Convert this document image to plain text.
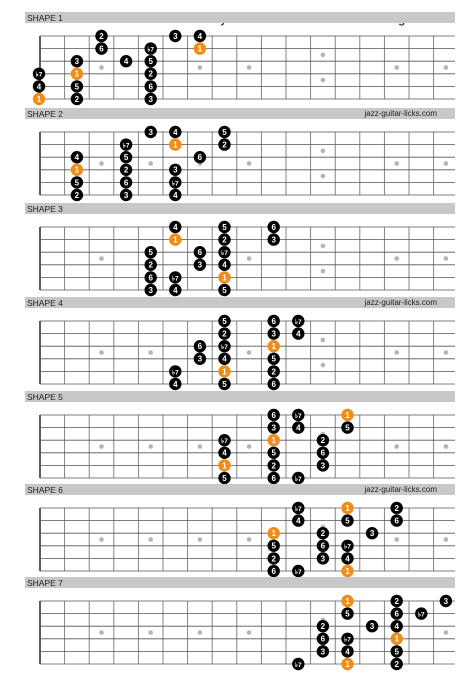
2	3	4
6	♭7	1
3	4	5
♭7	1	2
4	5	6
1	2	3
SHAPE 1
3	4	5
♭7	1	2
4	5	6
1	2	3
5	6	♭7
2	3	4
SHAPE 2	jazz-guitar-licks.com
4	5	6
1	2	3
5	6	♭7
2	3	4
6	♭7	1
3	4	5
SHAPE 3
5	6	♭7
2	3	4
6	♭7	1
3	4	5
♭7	1	2
4	5	6
SHAPE 4	jazz-guitar-licks.com
6	♭7	1
3	4	5
♭7	1	2
4	5	6
1	2	3
5	6	♭7
SHAPE 5
♭7	1	2
4	5	6
1	2	3
5	6	♭7
2	3	4
6	♭7	1
SHAPE 6	jazz-guitar-licks.com
1	2	3
5	6	♭7
2	3	4
6	♭7	1
3	4	5
♭7	1	2
SHAPE 7
